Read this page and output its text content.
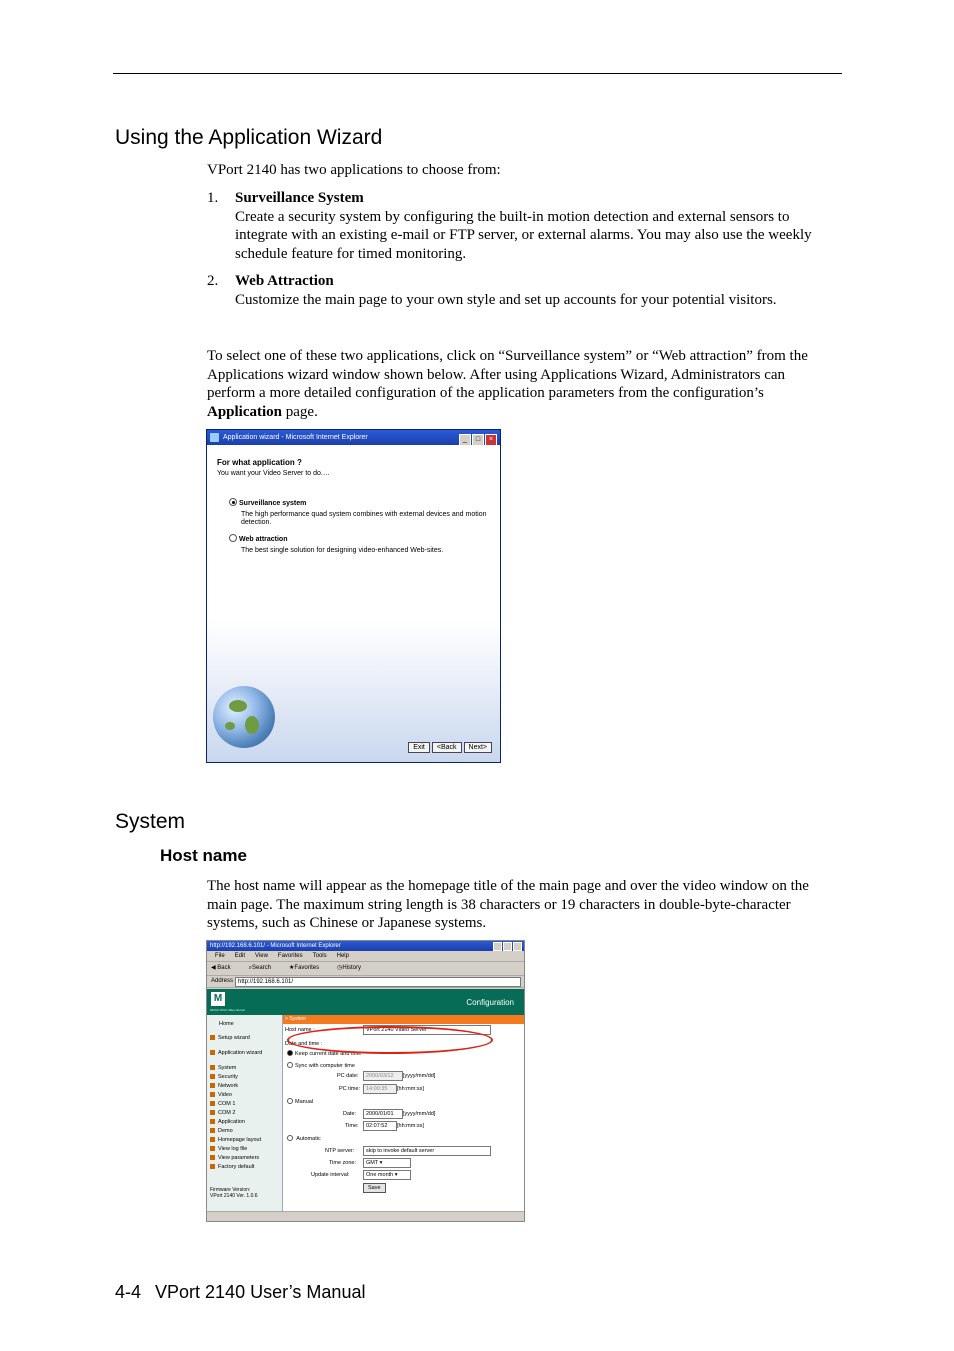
Using the Application Wizard
VPort 2140 has two applications to choose from:
1. Surveillance System
Create a security system by configuring the built-in motion detection and external sensors to integrate with an existing e-mail or FTP server, or external alarms. You may also use the weekly schedule feature for timed monitoring.
2. Web Attraction
Customize the main page to your own style and set up accounts for your potential visitors.
To select one of these two applications, click on “Surveillance system” or “Web attraction” from the Applications wizard window shown below. After using Applications Wizard, Administrators can perform a more detailed configuration of the application parameters from the configuration’s Application page.
Application wizard - Microsoft Internet Explorer	_ □ ×
For what application ?
You want your Video Server to do.…
Surveillance system
The high performance quad system combines with external devices and motion detection.
Web attraction
The best single solution for designing video-enhanced Web-sites.
Exit <Back Next>
System
Host name
The host name will appear as the homepage title of the main page and over the video window on the main page. The maximum string length is 38 characters or 19 characters in double-byte-character systems, such as Chinese or Japanese systems.
http://192.168.6.101/ - Microsoft Internet Explorer
File Edit View Favorites Tools Help
◀ Back	⌕Search	★Favorites	◷History
Address http://192.168.6.101/
M
MOXA VPort Video Server
Configuration
> System
Home
Setup wizard
Application wizard
System
Security
Network
Video
COM 1
COM 2
Application
Demo
Homepage layout
View log file
View parameters
Factory default
Firmware Version:
VPort 2140 Ver. 1.0.6
Host name :	VPort 2140 Video Server
Date and time :
Keep current date and time
Sync with computer time
PC date:	2000/03/12	[yyyy/mm/dd]
PC time:	14:00:35	[hh:mm:ss]
Manual
Date:	2000/01/01	[yyyy/mm/dd]
Time:	02:07:52	[hh:mm:ss]
Automatic
NTP server:	skip to invoke default server
Time zone:	GMT ▾
Update interval:	One month ▾
Save
4-4 VPort 2140 User’s Manual
